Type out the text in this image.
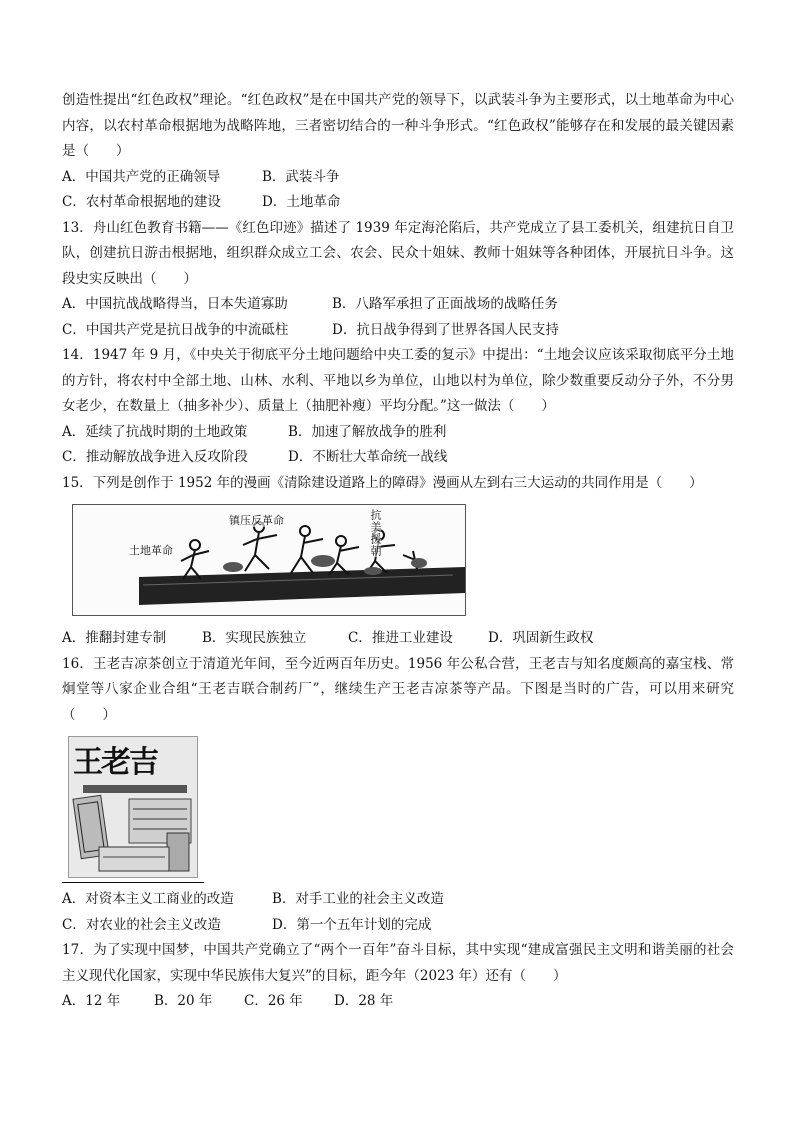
创造性提出“红色政权”理论。“红色政权”是在中国共产党的领导下，以武装斗争为主要形式，以土地革命为中心内容，以农村革命根据地为战略阵地，三者密切结合的一种斗争形式。“红色政权”能够存在和发展的最关键因素是（　　）

A．中国共产党的正确领导	B．武装斗争
C．农村革命根据地的建设	D．土地革命

13．舟山红色教育书籍——《红色印迹》描述了 1939 年定海沦陷后，共产党成立了县工委机关，组建抗日自卫队，创建抗日游击根据地，组织群众成立工会、农会、民众十姐妹、教师十姐妹等各种团体，开展抗日斗争。这段史实反映出（　　）

A．中国抗战战略得当，日本失道寡助	B．八路军承担了正面战场的战略任务
C．中国共产党是抗日战争的中流砥柱	D．抗日战争得到了世界各国人民支持

14．1947 年 9 月，《中央关于彻底平分土地问题给中央工委的复示》中提出：“土地会议应该采取彻底平分土地的方针，将农村中全部土地、山林、水利、平地以乡为单位，山地以村为单位，除少数重要反动分子外，不分男女老少，在数量上（抽多补少）、质量上（抽肥补瘦）平均分配。”这一做法（　　）

A．延续了抗战时期的土地政策	B．加速了解放战争的胜利
C．推动解放战争进入反攻阶段	D．不断壮大革命统一战线

15．下列是创作于 1952 年的漫画《清除建设道路上的障碍》漫画从左到右三大运动的共同作用是（　　）

土地革命
镇压反革命	抗美援朝
A．推翻封建专制	B．实现民族独立	C．推进工业建设	D．巩固新生政权

16．王老吉凉茶创立于清道光年间，至今近两百年历史。1956 年公私合营，王老吉与知名度颇高的嘉宝栈、常炯堂等八家企业合组“王老吉联合制药厂”，继续生产王老吉凉茶等产品。下图是当时的广告，可以用来研究（　　）

王老吉
A．对资本主义工商业的改造	B．对手工业的社会主义改造
C．对农业的社会主义改造	D．第一个五年计划的完成

17．为了实现中国梦，中国共产党确立了“两个一百年”奋斗目标，其中实现“建成富强民主文明和谐美丽的社会主义现代化国家，实现中华民族伟大复兴”的目标，距今年（2023 年）还有（　　）

A．12 年	B．20 年	C．26 年	D．28 年
